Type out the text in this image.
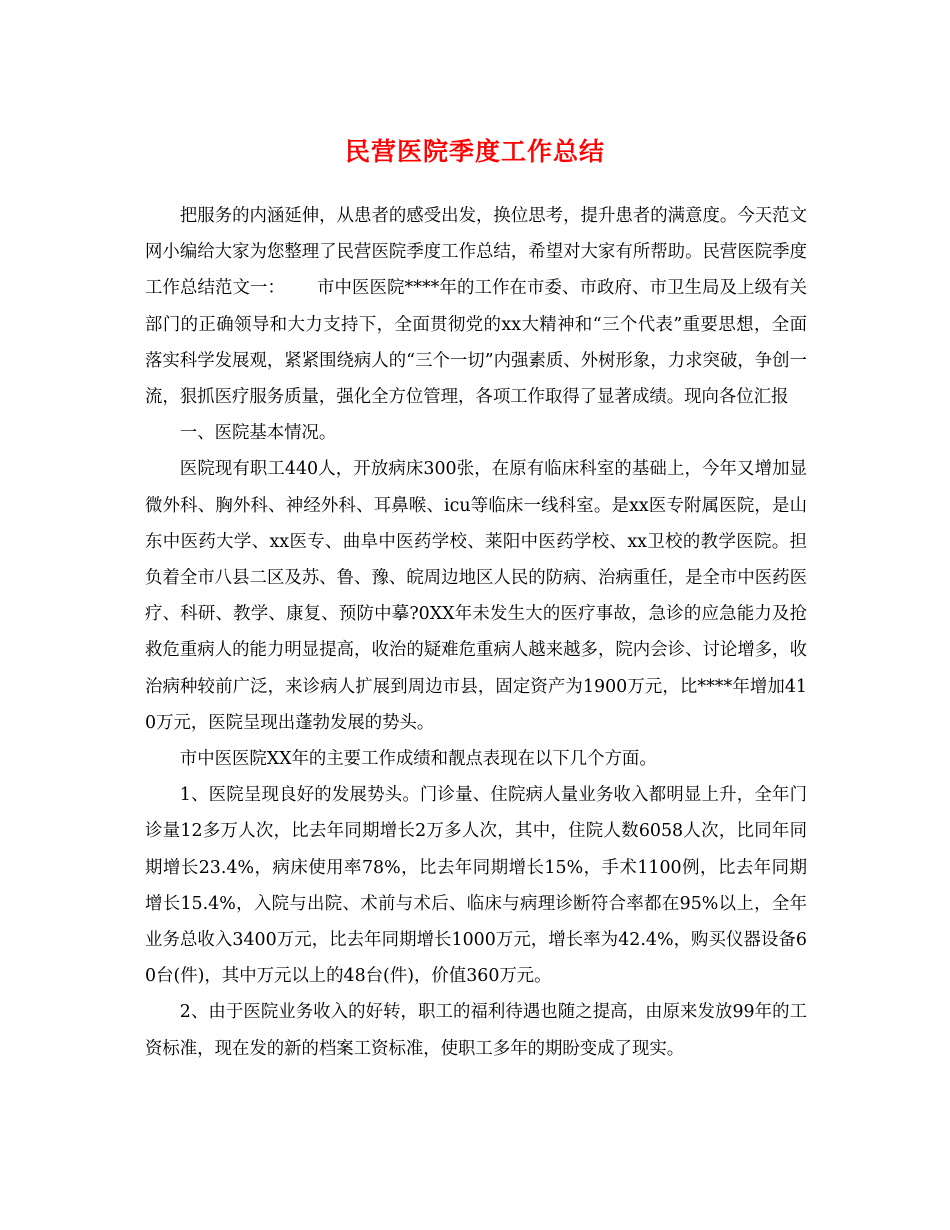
民营医院季度工作总结

把服务的内涵延伸，从患者的感受出发，换位思考，提升患者的满意度。今天范文网小编给大家为您整理了民营医院季度工作总结，希望对大家有所帮助。民营医院季度工作总结范文一：　　 市中医医院****年的工作在市委、市政府、市卫生局及上级有关部门的正确领导和大力支持下，全面贯彻党的xx大精神和“三个代表”重要思想，全面落实科学发展观，紧紧围绕病人的“三个一切”内强素质、外树形象，力求突破，争创一流，狠抓医疗服务质量，强化全方位管理，各项工作取得了显著成绩。现向各位汇报

一、医院基本情况。

医院现有职工440人，开放病床300张，在原有临床科室的基础上，今年又增加显微外科、胸外科、神经外科、耳鼻喉、icu等临床一线科室。是xx医专附属医院，是山东中医药大学、xx医专、曲阜中医药学校、莱阳中医药学校、xx卫校的教学医院。担负着全市八县二区及苏、鲁、豫、皖周边地区人民的防病、治病重任，是全市中医药医疗、科研、教学、康复、预防中摹?0XX年未发生大的医疗事故，急诊的应急能力及抢救危重病人的能力明显提高，收治的疑难危重病人越来越多，院内会诊、讨论增多，收治病种较前广泛，来诊病人扩展到周边市县，固定资产为1900万元，比****年增加410万元，医院呈现出蓬勃发展的势头。

市中医医院XX年的主要工作成绩和靓点表现在以下几个方面。

1、医院呈现良好的发展势头。门诊量、住院病人量业务收入都明显上升，全年门诊量12多万人次，比去年同期增长2万多人次，其中，住院人数6058人次，比同年同期增长23.4%，病床使用率78%，比去年同期增长15%，手术1100例，比去年同期增长15.4%，入院与出院、术前与术后、临床与病理诊断符合率都在95%以上，全年业务总收入3400万元，比去年同期增长1000万元，增长率为42.4%，购买仪器设备60台(件)，其中万元以上的48台(件)，价值360万元。

2、由于医院业务收入的好转，职工的福利待遇也随之提高，由原来发放99年的工资标准，现在发的新的档案工资标准，使职工多年的期盼变成了现实。
